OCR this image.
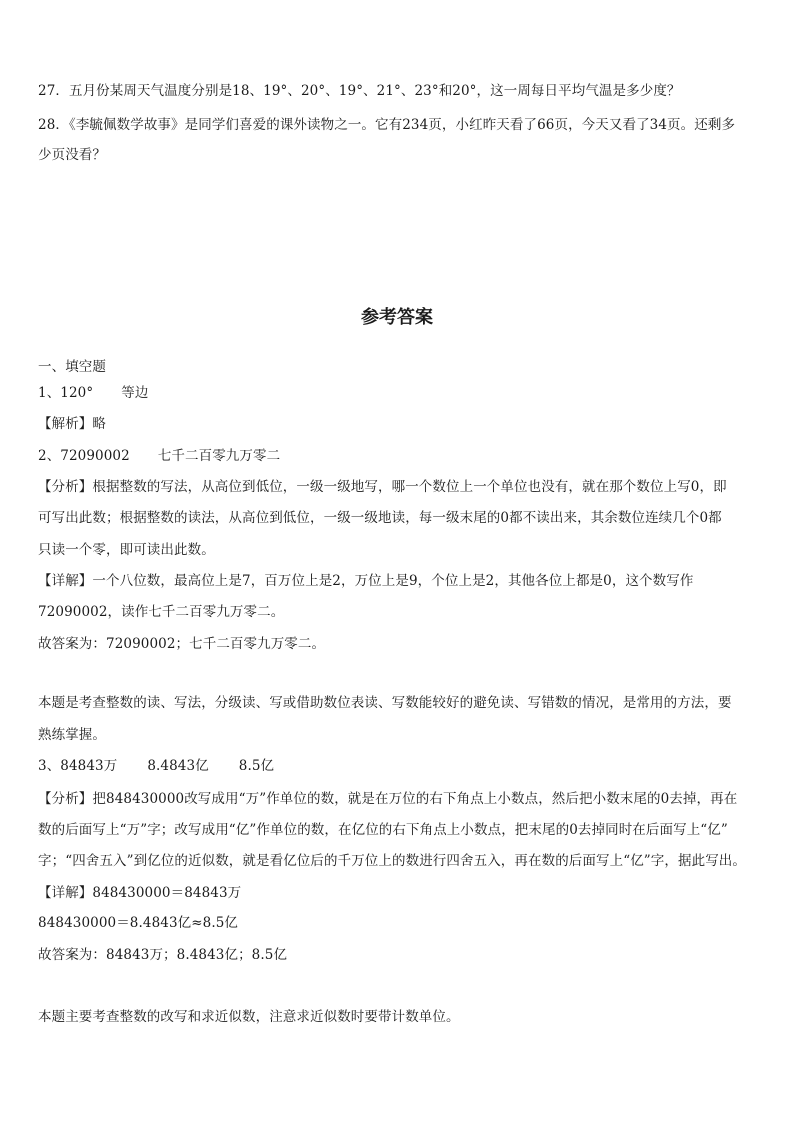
27．五月份某周天气温度分别是18、19°、20°、19°、21°、23°和20°，这一周每日平均气温是多少度？
28．《李毓佩数学故事》是同学们喜爱的课外读物之一。它有234页，小红昨天看了66页，今天又看了34页。还剩多
少页没看？
参考答案
一、填空题
1、120° 等边
【解析】略
2、72090002 七千二百零九万零二
【分析】根据整数的写法，从高位到低位，一级一级地写，哪一个数位上一个单位也没有，就在那个数位上写0，即
可写出此数；根据整数的读法，从高位到低位，一级一级地读，每一级末尾的0都不读出来，其余数位连续几个0都
只读一个零，即可读出此数。
【详解】一个八位数，最高位上是7，百万位上是2，万位上是9，个位上是2，其他各位上都是0，这个数写作
72090002，读作七千二百零九万零二。
故答案为：72090002；七千二百零九万零二。
本题是考查整数的读、写法，分级读、写或借助数位表读、写数能较好的避免读、写错数的情况，是常用的方法，要
熟练掌握。
3、84843万 8.4843亿 8.5亿
【分析】把848430000改写成用“万”作单位的数，就是在万位的右下角点上小数点，然后把小数末尾的0去掉，再在
数的后面写上“万”字；改写成用“亿”作单位的数，在亿位的右下角点上小数点，把末尾的0去掉同时在后面写上“亿”
字；“四舍五入”到亿位的近似数，就是看亿位后的千万位上的数进行四舍五入，再在数的后面写上“亿”字，据此写出。
【详解】848430000＝84843万
848430000＝8.4843亿≈8.5亿
故答案为：84843万；8.4843亿；8.5亿
本题主要考查整数的改写和求近似数，注意求近似数时要带计数单位。
